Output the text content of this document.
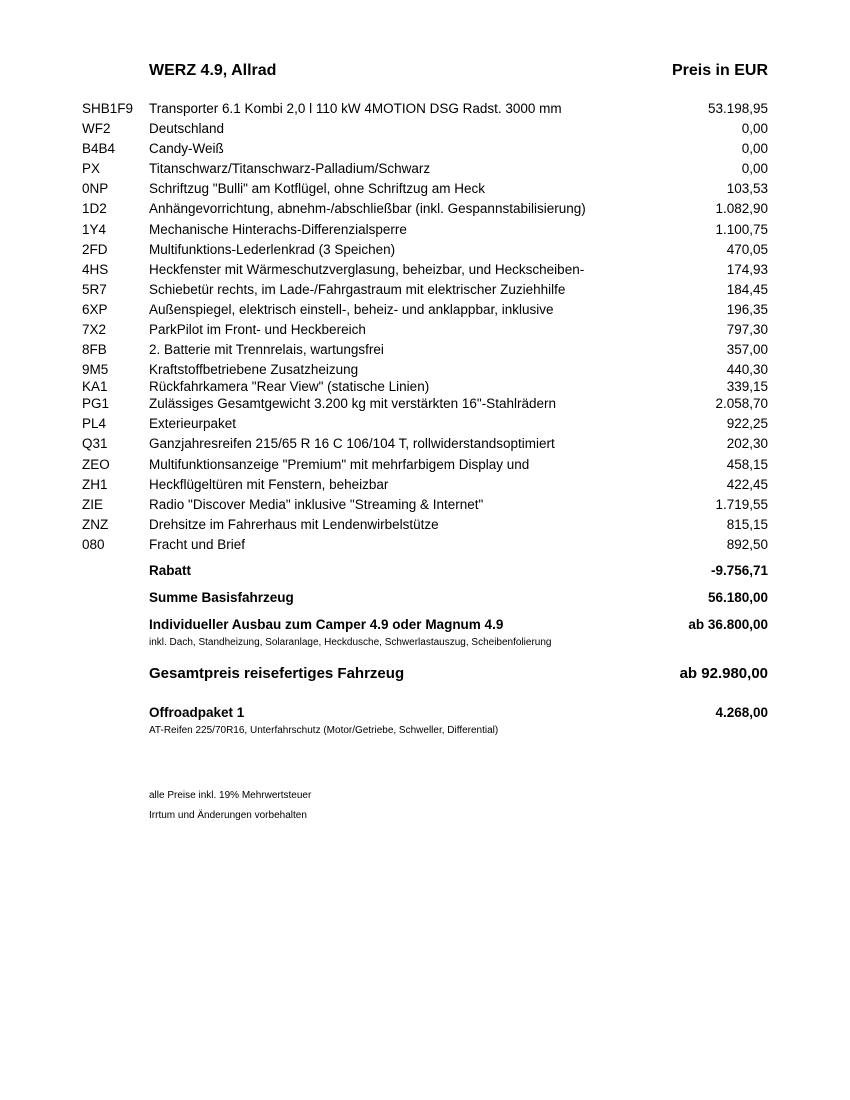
WERZ 4.9, Allrad	Preis in EUR
SHB1F9 Transporter 6.1 Kombi 2,0 l 110 kW 4MOTION DSG Radst. 3000 mm	53.198,95
WF2	Deutschland	0,00
B4B4	Candy-Weiß	0,00
PX	Titanschwarz/Titanschwarz-Palladium/Schwarz	0,00
0NP	Schriftzug "Bulli" am Kotflügel, ohne Schriftzug am Heck	103,53
1D2	Anhängevorrichtung, abnehm-/abschließbar (inkl. Gespannstabilisierung)	1.082,90
1Y4	Mechanische Hinterachs-Differenzialsperre	1.100,75
2FD	Multifunktions-Lederlenkrad (3 Speichen)	470,05
4HS	Heckfenster mit Wärmeschutzverglasung, beheizbar, und Heckscheiben-	174,93
5R7	Schiebetür rechts, im Lade-/Fahrgastraum mit elektrischer Zuziehhilfe	184,45
6XP	Außenspiegel, elektrisch einstell-, beheiz- und anklappbar, inklusive	196,35
7X2	ParkPilot im Front- und Heckbereich	797,30
8FB	2. Batterie mit Trennrelais, wartungsfrei	357,00
9M5	Kraftstoffbetriebene Zusatzheizung	440,30
KA1	Rückfahrkamera "Rear View" (statische Linien)	339,15
PG1	Zulässiges Gesamtgewicht 3.200 kg mit verstärkten 16"-Stahlrädern	2.058,70
PL4	Exterieurpaket	922,25
Q31	Ganzjahresreifen 215/65 R 16 C 106/104 T, rollwiderstandsoptimiert	202,30
ZEO	Multifunktionsanzeige "Premium" mit mehrfarbigem Display und	458,15
ZH1	Heckflügeltüren mit Fenstern, beheizbar	422,45
ZIE	Radio "Discover Media" inklusive "Streaming & Internet"	1.719,55
ZNZ	Drehsitze im Fahrerhaus mit Lendenwirbelstütze	815,15
080	Fracht und Brief	892,50
Rabatt	-9.756,71
Summe Basisfahrzeug	56.180,00
Individueller Ausbau zum Camper 4.9 oder Magnum 4.9	ab 36.800,00
inkl. Dach, Standheizung, Solaranlage, Heckdusche, Schwerlastauszug, Scheibenfolierung
Gesamtpreis reisefertiges Fahrzeug	ab 92.980,00
Offroadpaket 1	4.268,00
AT-Reifen 225/70R16, Unterfahrschutz (Motor/Getriebe, Schweller, Differential)
alle Preise inkl. 19% Mehrwertsteuer
Irrtum und Änderungen vorbehalten
